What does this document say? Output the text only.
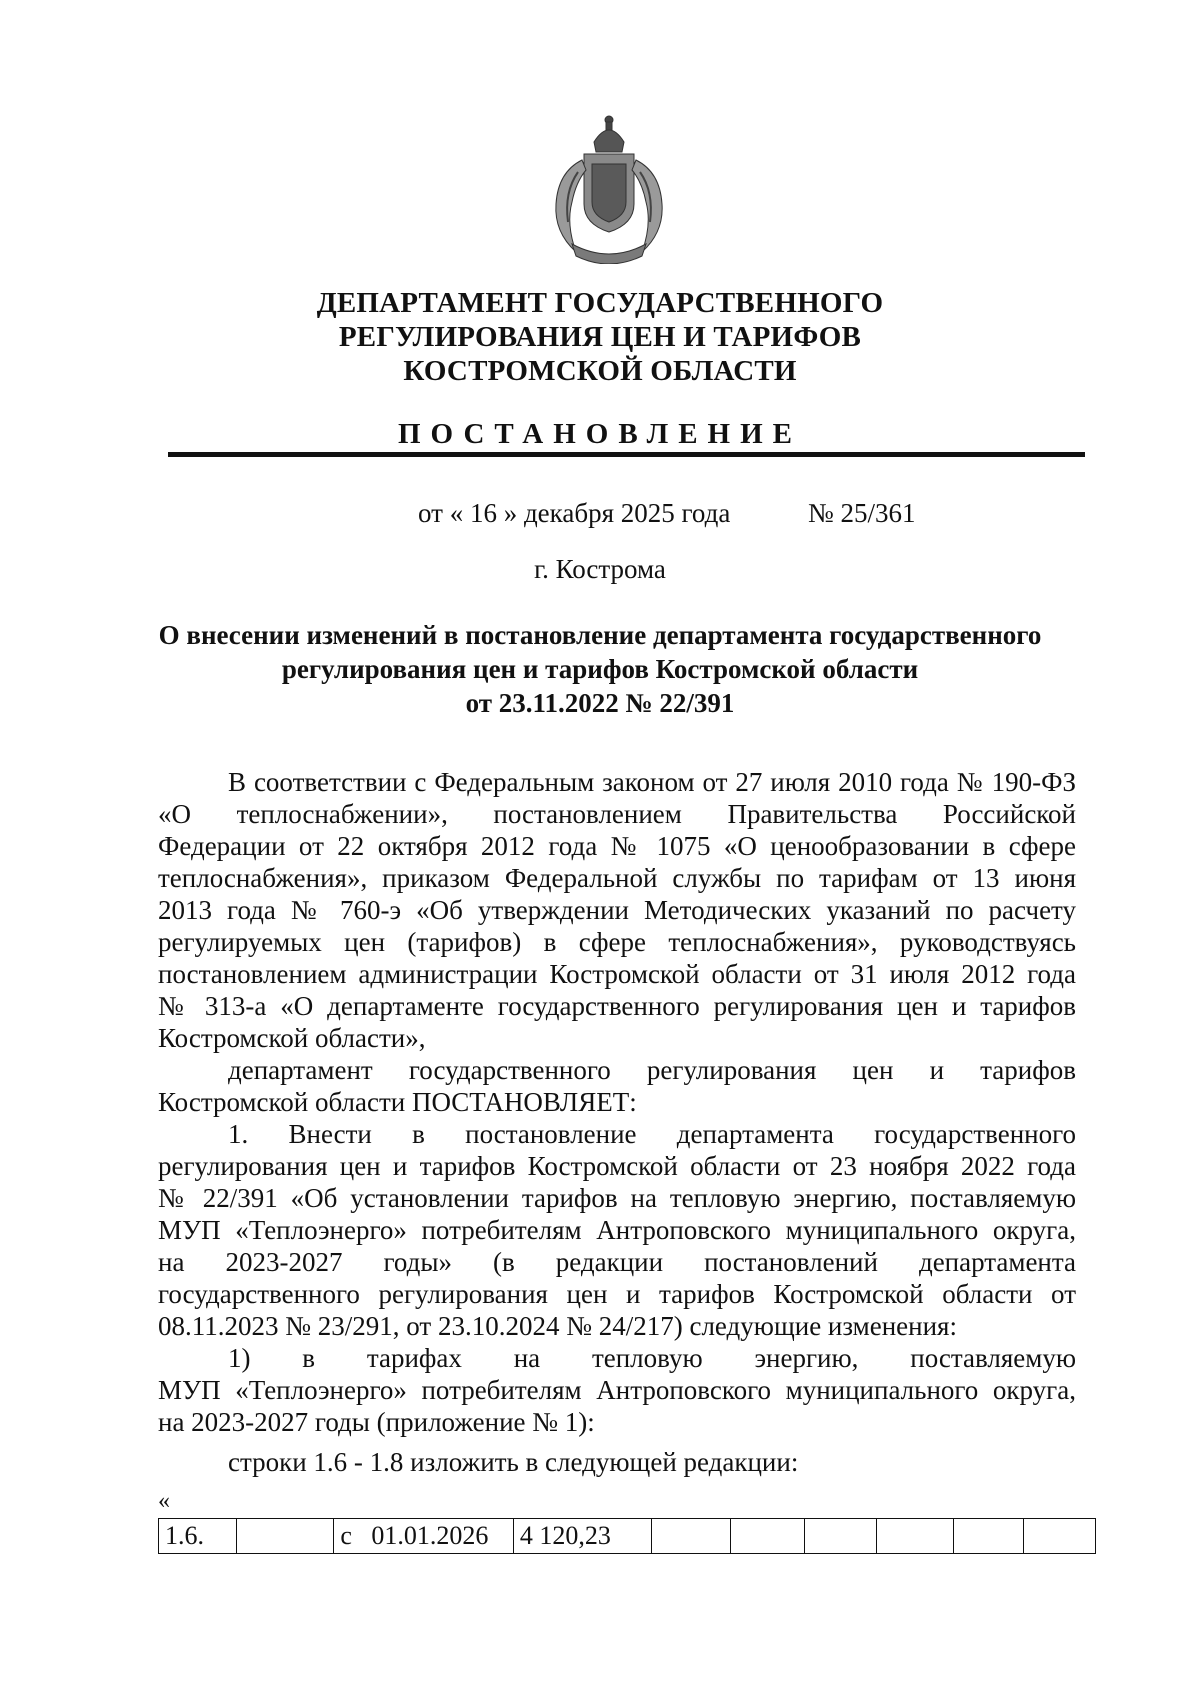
ДЕПАРТАМЕНТ ГОСУДАРСТВЕННОГО
РЕГУЛИРОВАНИЯ ЦЕН И ТАРИФОВ
КОСТРОМСКОЙ ОБЛАСТИ
ПОСТАНОВЛЕНИЕ
от « 16 » декабря 2025 года	№ 25/361
г. Кострома
О внесении изменений в постановление департамента государственного
регулирования цен и тарифов Костромской области
от 23.11.2022 № 22/391
В соответствии с Федеральным законом от 27 июля 2010 года № 190-ФЗ
«О теплоснабжении», постановлением Правительства Российской
Федерации от 22 октября 2012 года № 1075 «О ценообразовании в сфере
теплоснабжения», приказом Федеральной службы по тарифам от 13 июня
2013 года № 760-э «Об утверждении Методических указаний по расчету
регулируемых цен (тарифов) в сфере теплоснабжения», руководствуясь
постановлением администрации Костромской области от 31 июля 2012 года
№ 313-а «О департаменте государственного регулирования цен и тарифов
Костромской области»,
департамент государственного регулирования цен и тарифов
Костромской области ПОСТАНОВЛЯЕТ:
1. Внести в постановление департамента государственного
регулирования цен и тарифов Костромской области от 23 ноября 2022 года
№ 22/391 «Об установлении тарифов на тепловую энергию, поставляемую
МУП «Теплоэнерго» потребителям Антроповского муниципального округа,
на 2023-2027 годы» (в редакции постановлений департамента
государственного регулирования цен и тарифов Костромской области от
08.11.2023 № 23/291, от 23.10.2024 № 24/217) следующие изменения:
1) в тарифах на тепловую энергию, поставляемую
МУП «Теплоэнерго» потребителям Антроповского муниципального округа,
на 2023-2027 годы (приложение № 1):
строки 1.6 - 1.8 изложить в следующей редакции:
«
1.6.		с 01.01.2026	4 120,23						
